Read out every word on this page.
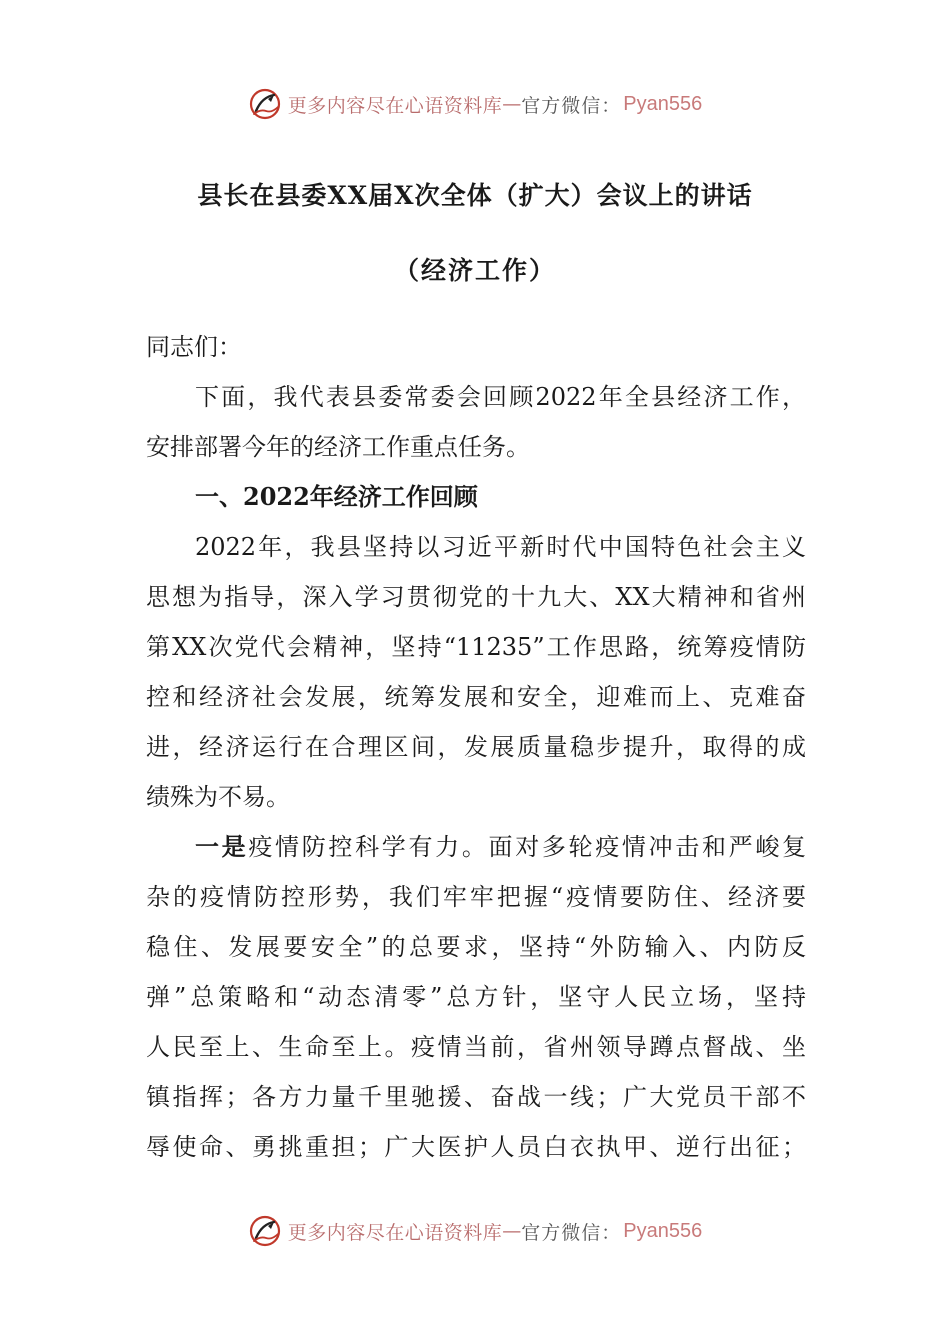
更多内容尽在心语资料库 — 官方微信： Pyan556
县长在县委XX届X次全体（扩大）会议上的讲话
（经济工作）
同志们：
下面，我代表县委常委会回顾2022年全县经济工作，
安排部署今年的经济工作重点任务。
一、2022年经济工作回顾
2022年，我县坚持以习近平新时代中国特色社会主义
思想为指导，深入学习贯彻党的十九大、XX大精神和省州
第XX次党代会精神，坚持“11235”工作思路，统筹疫情防
控和经济社会发展，统筹发展和安全，迎难而上、克难奋
进，经济运行在合理区间，发展质量稳步提升，取得的成
绩殊为不易。
一是疫情防控科学有力。面对多轮疫情冲击和严峻复
杂的疫情防控形势，我们牢牢把握“疫情要防住、经济要
稳住、发展要安全”的总要求，坚持“外防输入、内防反
弹”总策略和“动态清零”总方针，坚守人民立场，坚持
人民至上、生命至上。疫情当前，省州领导蹲点督战、坐
镇指挥；各方力量千里驰援、奋战一线；广大党员干部不
辱使命、勇挑重担；广大医护人员白衣执甲、逆行出征；
更多内容尽在心语资料库 — 官方微信： Pyan556
